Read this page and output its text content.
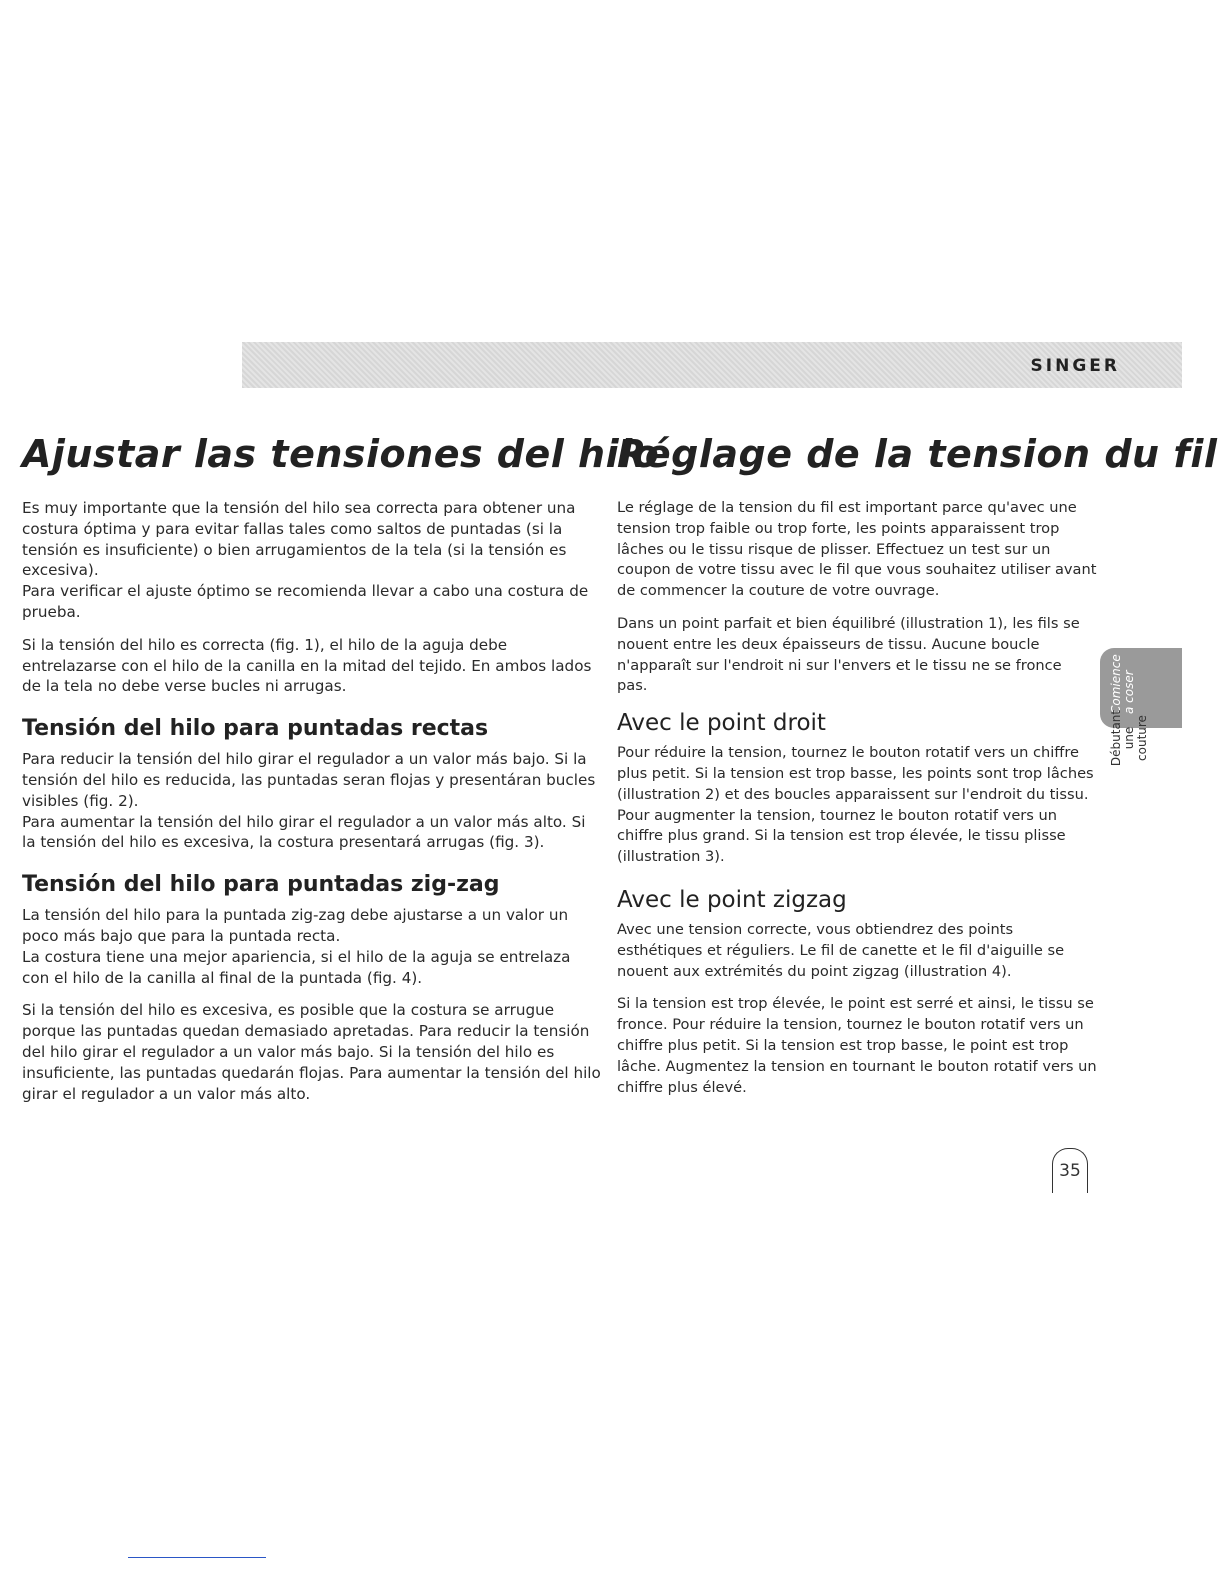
SINGER
Ajustar las tensiones del hilo

Es muy importante que la tensión del hilo sea correcta para obtener una costura óptima y para evitar fallas tales como saltos de puntadas (si la tensión es insuficiente) o bien arrugamientos de la tela (si la tensión es excesiva).

Para verificar el ajuste óptimo se recomienda llevar a cabo una costura de prueba.

Si la tensión del hilo es correcta (fig. 1), el hilo de la aguja debe entrelazarse con el hilo de la canilla en la mitad del tejido. En ambos lados de la tela no debe verse bucles ni arrugas.

Tensión del hilo para puntadas rectas

Para reducir la tensión del hilo girar el regulador a un valor más bajo. Si la tensión del hilo es reducida, las puntadas seran flojas y presentáran bucles visibles (fig. 2).

Para aumentar la tensión del hilo girar el regulador a un valor más alto. Si la tensión del hilo es excesiva, la costura presentará arrugas (fig. 3).

Tensión del hilo para puntadas zig-zag

La tensión del hilo para la puntada zig-zag debe ajustarse a un valor un poco más bajo que para la puntada recta.

La costura tiene una mejor apariencia, si el hilo de la aguja se entrelaza con el hilo de la canilla al final de la puntada (fig. 4).

Si la tensión del hilo es excesiva, es posible que la costura se arrugue porque las puntadas quedan demasiado apretadas. Para reducir la tensión del hilo girar el regulador a un valor más bajo. Si la tensión del hilo es insuficiente, las puntadas quedarán flojas. Para aumentar la tensión del hilo girar el regulador a un valor más alto.

Réglage de la tension du fil

Le réglage de la tension du fil est important parce qu'avec une tension trop faible ou trop forte, les points apparaissent trop lâches ou le tissu risque de plisser. Effectuez un test sur un coupon de votre tissu avec le fil que vous souhaitez utiliser avant de commencer la couture de votre ouvrage.

Dans un point parfait et bien équilibré (illustration 1), les fils se nouent entre les deux épaisseurs de tissu. Aucune boucle n'apparaît sur l'endroit ni sur l'envers et le tissu ne se fronce pas.

Avec le point droit

Pour réduire la tension, tournez le bouton rotatif vers un chiffre plus petit. Si la tension est trop basse, les points sont trop lâches (illustration 2) et des boucles apparaissent sur l'endroit du tissu. Pour augmenter la tension, tournez le bouton rotatif vers un chiffre plus grand. Si la tension est trop élevée, le tissu plisse (illustration 3).

Avec le point zigzag

Avec une tension correcte, vous obtiendrez des points esthétiques et réguliers. Le fil de canette et le fil d'aiguille se nouent aux extrémités du point zigzag (illustration 4).

Si la tension est trop élevée, le point est serré et ainsi, le tissu se fronce. Pour réduire la tension, tournez le bouton rotatif vers un chiffre plus petit. Si la tension est trop basse, le point est trop lâche. Augmentez la tension en tournant le bouton rotatif vers un chiffre plus élevé.

Comience
a coser
Débutant une couture
35
